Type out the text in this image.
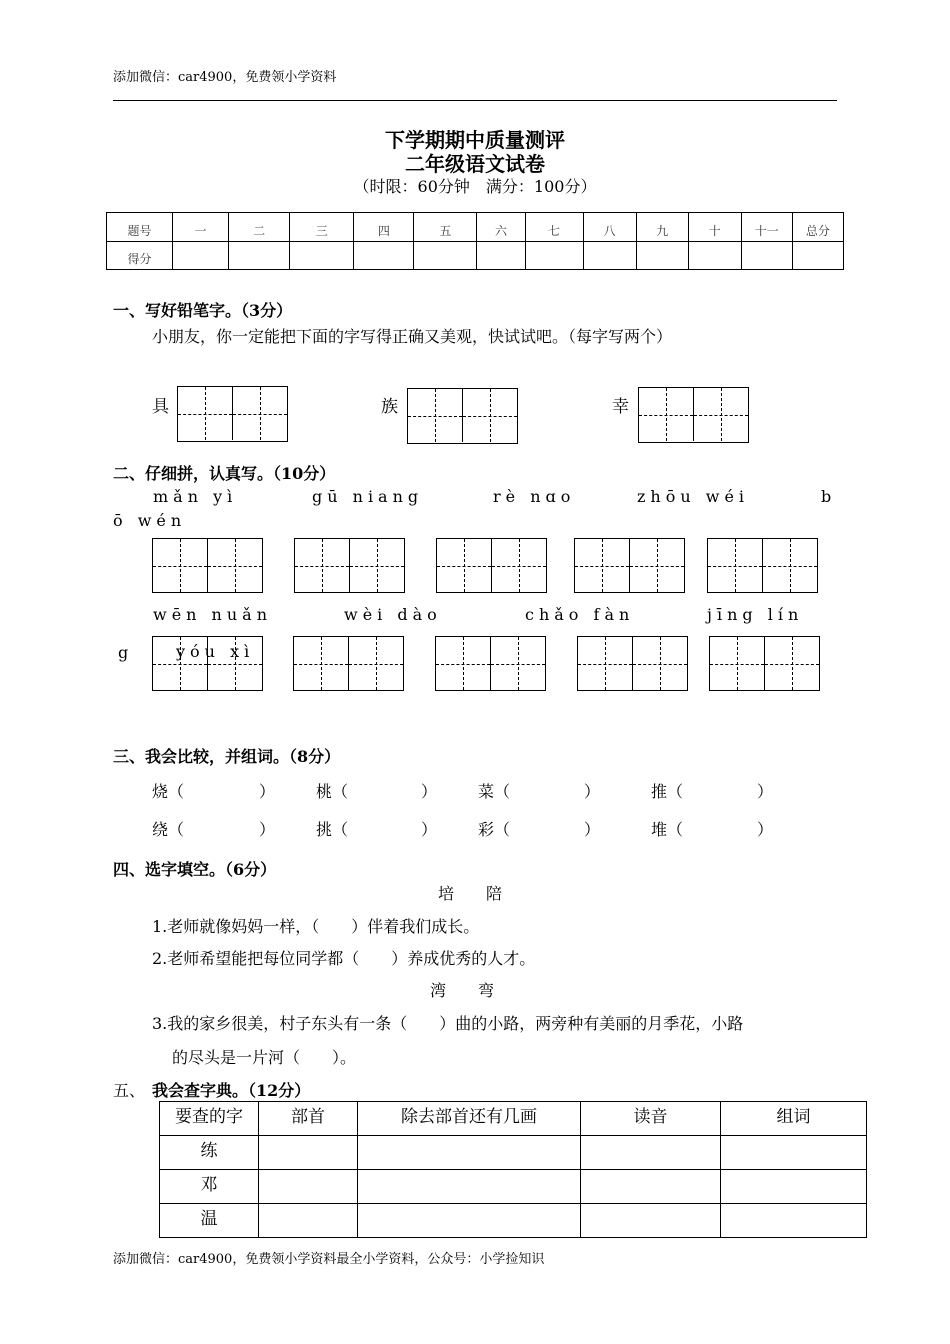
添加微信：car4900，免费领小学资料
下学期期中质量测评
二年级语文试卷
（时限：60分钟　满分：100分）
题号	一	二	三	四	五	六	七	八	九	十	十一	总分
得分												
一、写好铅笔字。（3分）
小朋友，你一定能把下面的字写得正确又美观，快试试吧。（每字写两个）
具	族	幸
二、仔细拼，认真写。（10分）
mǎn yì	gū niang	rè nɑo	zhōu wéi	b
ō wén
wēn nuǎn	wèi dào	chǎo fàn	jīng lín
g	yóu xì
三、我会比较，并组词。（8分）
烧（	）	桃（	）	菜（	）	推（	）
绕（	）	挑（	）	彩（	）	堆（	）
四、选字填空。（6分）
培　　陪
1.老师就像妈妈一样，（　　）伴着我们成长。
2.老师希望能把每位同学都（　　）养成优秀的人才。
湾　　弯
3.我的家乡很美，村子东头有一条（　　）曲的小路，两旁种有美丽的月季花，小路
的尽头是一片河（　　）。
五、 我会查字典。（12分）
要查的字	部首	除去部首还有几画	读音	组词
练				
邓				
温				
添加微信：car4900，免费领小学资料最全小学资料，公众号：小学捡知识
